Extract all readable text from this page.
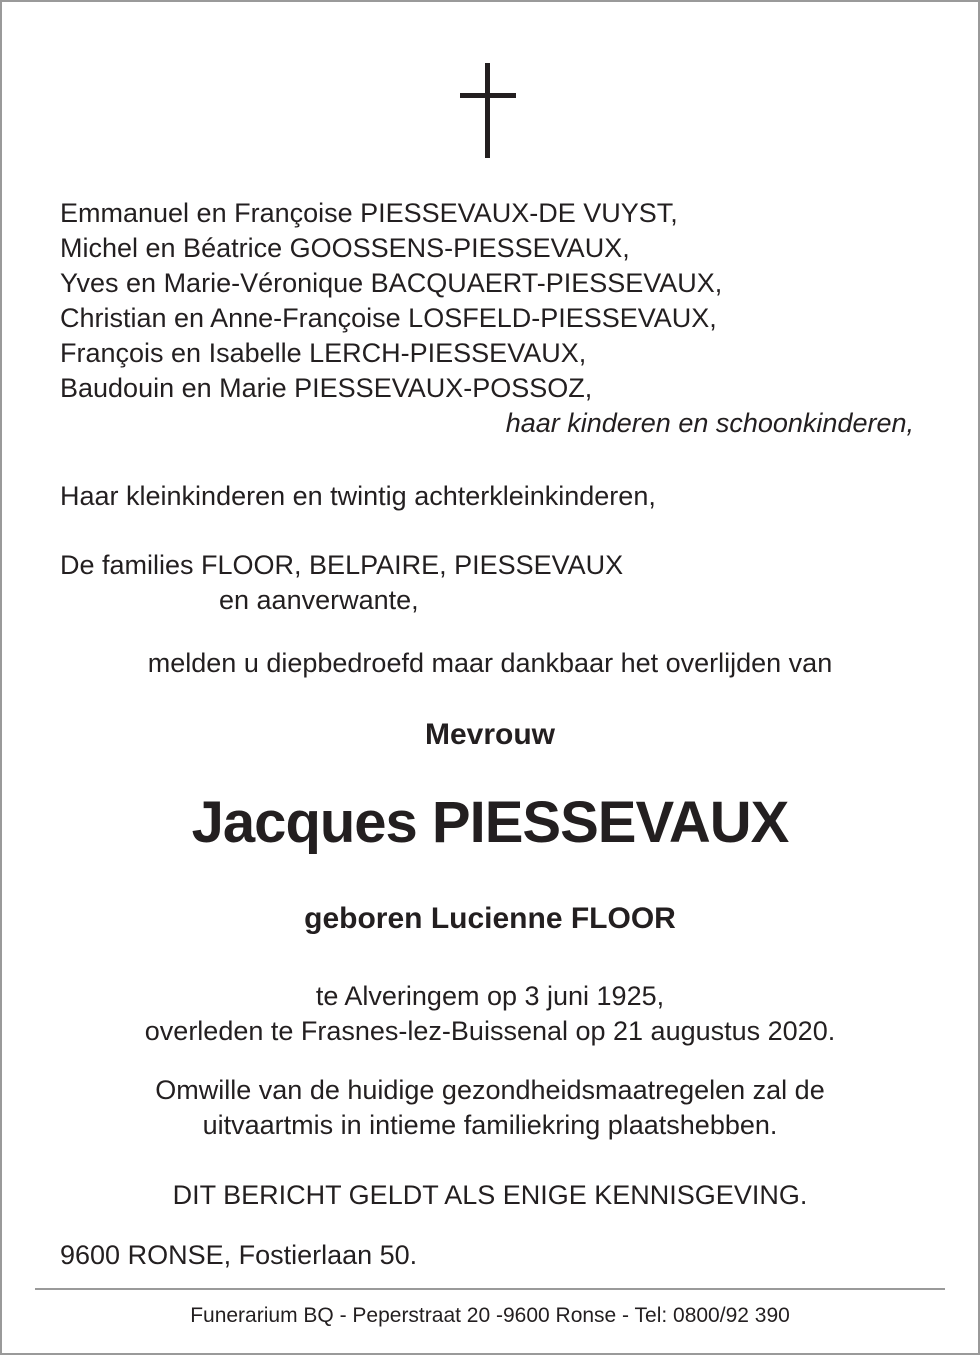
Emmanuel en Françoise PIESSEVAUX-DE VUYST,
Michel en Béatrice GOOSSENS-PIESSEVAUX,
Yves en Marie-Véronique BACQUAERT-PIESSEVAUX,
Christian en Anne-Françoise LOSFELD-PIESSEVAUX,
François en Isabelle LERCH-PIESSEVAUX,
Baudouin en Marie PIESSEVAUX-POSSOZ,
haar kinderen en schoonkinderen,
Haar kleinkinderen en twintig achterkleinkinderen,
De families FLOOR, BELPAIRE, PIESSEVAUX
en aanverwante,
melden u diepbedroefd maar dankbaar het overlijden van
Mevrouw
Jacques PIESSEVAUX
geboren Lucienne FLOOR
te Alveringem op 3 juni 1925,
overleden te Frasnes-lez-Buissenal op 21 augustus 2020.
Omwille van de huidige gezondheidsmaatregelen zal de
uitvaartmis in intieme familiekring plaatshebben.
DIT BERICHT GELDT ALS ENIGE KENNISGEVING.
9600 RONSE, Fostierlaan 50.
Funerarium BQ - Peperstraat 20 -9600 Ronse - Tel: 0800/92 390
